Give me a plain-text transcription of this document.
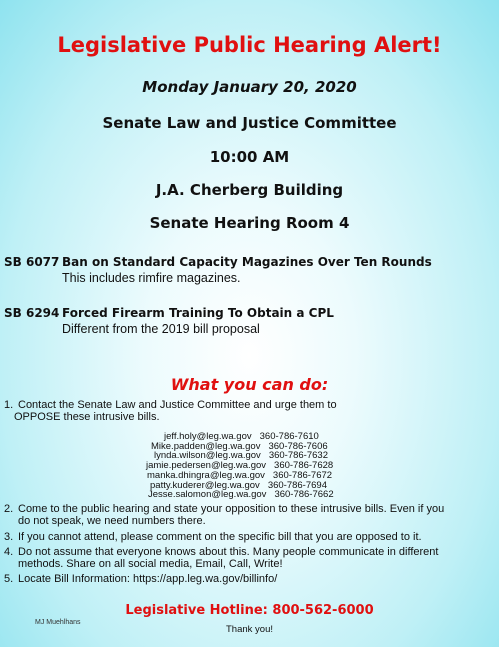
Legislative Public Hearing Alert!
Monday January 20, 2020
Senate Law and Justice Committee
10:00 AM
J.A. Cherberg Building
Senate Hearing Room 4
SB 6077 Ban on Standard Capacity Magazines Over Ten Rounds
This includes rimfire magazines.
SB 6294 Forced Firearm Training To Obtain a CPL
Different from the 2019 bill proposal
What you can do:
1. Contact the Senate Law and Justice Committee and urge them to
OPPOSE these intrusive bills.
jeff.holy@leg.wa.gov 360-786-7610
Mike.padden@leg.wa.gov 360-786-7606
lynda.wilson@leg.wa.gov 360-786-7632
jamie.pedersen@leg.wa.gov 360-786-7628
manka.dhingra@leg.wa.gov 360-786-7672
patty.kuderer@leg.wa.gov 360-786-7694
Jesse.salomon@leg.wa.gov 360-786-7662
2. Come to the public hearing and state your opposition to these intrusive bills. Even if you
do not speak, we need numbers there.
3. If you cannot attend, please comment on the specific bill that you are opposed to it.
4. Do not assume that everyone knows about this. Many people communicate in different
methods. Share on all social media, Email, Call, Write!
5. Locate Bill Information: https://app.leg.wa.gov/billinfo/
Legislative Hotline: 800-562-6000
MJ Muehlhans
Thank you!
